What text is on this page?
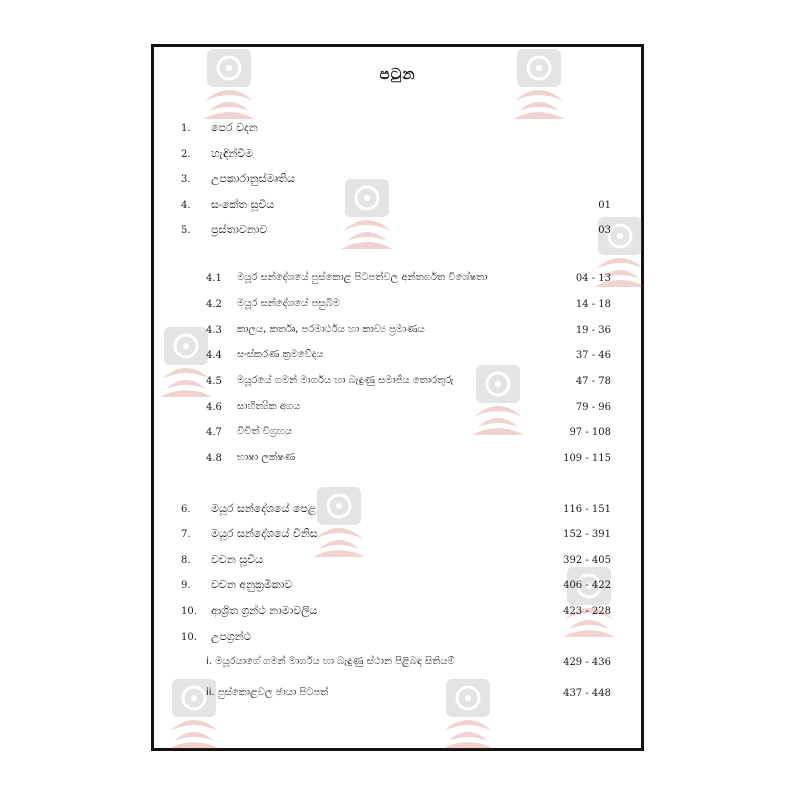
පටුන
1. පෙර වදන
2. හැඳින්වීම
3. උපකාරානුස්මෘතිය
4. සංකේත සූචිය	01
5. ප්‍රස්තාවනාව	03
4.1 මයූර සන්දේශයේ පුස්කොළ පිටපත්වල අන්තර්ගත විශේෂතා	04 - 13
4.2 මයූර සන්දේශයේ පසුබිම	14 - 18
4.3 කාලය, කර්තෘ, පරමාර්ථය හා කාව්‍ය ප්‍රමාණය	19 - 36
4.4 සංස්කරණ ක්‍රමවේදය	37 - 46
4.5 මයූරයේ ගමන් මාර්ගය හා බැඳුණු සමාජීය තොරතුරු	47 - 78
4.6 සාහිත්‍යික අගය	79 - 96
4.7 විචිත් විග්‍රහය	97 - 108
4.8 භාෂා ලක්ෂණ	109 - 115
6. මයූර සන්දේශයේ පෙළ	116 - 151
7. මයූර සන්දේශයේ විනිස	152 - 391
8. වචන සූචිය	392 - 405
9. වචන අනුක්‍රමිකාව	406 - 422
10. ආශ්‍රිත ග්‍රන්ථ නාමාවලිය	423 - 228
10. උපග්‍රන්ථ
i. මයූරයාගේ ගමන් මාර්ගය හා බැඳුණු ස්ථාන පිළිබඳ සිතියම්	429 - 436
ii. පුස්කොළවල ඡායා පිටපත්	437 - 448
